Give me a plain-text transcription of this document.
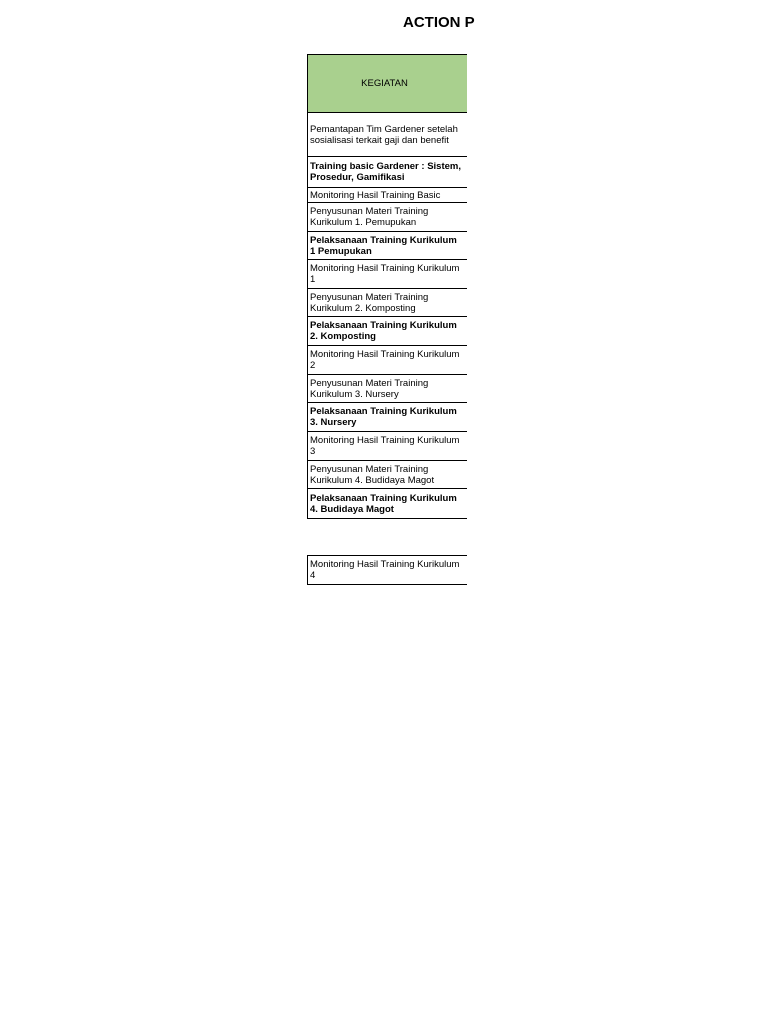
ACTION P
KEGIATAN
Pemantapan Tim Gardener setelah sosialisasi terkait gaji dan benefit
Training basic Gardener : Sistem, Prosedur, Gamifikasi
Monitoring Hasil Training Basic
Penyusunan Materi Training Kurikulum 1. Pemupukan
Pelaksanaan Training Kurikulum 1 Pemupukan
Monitoring Hasil Training Kurikulum 1
Penyusunan Materi Training Kurikulum 2. Komposting
Pelaksanaan Training Kurikulum 2. Komposting
Monitoring Hasil Training Kurikulum 2
Penyusunan Materi Training Kurikulum 3. Nursery
Pelaksanaan Training Kurikulum 3. Nursery
Monitoring Hasil Training Kurikulum 3
Penyusunan Materi Training Kurikulum 4. Budidaya Magot
Pelaksanaan Training Kurikulum 4. Budidaya Magot
Monitoring Hasil Training Kurikulum 4
